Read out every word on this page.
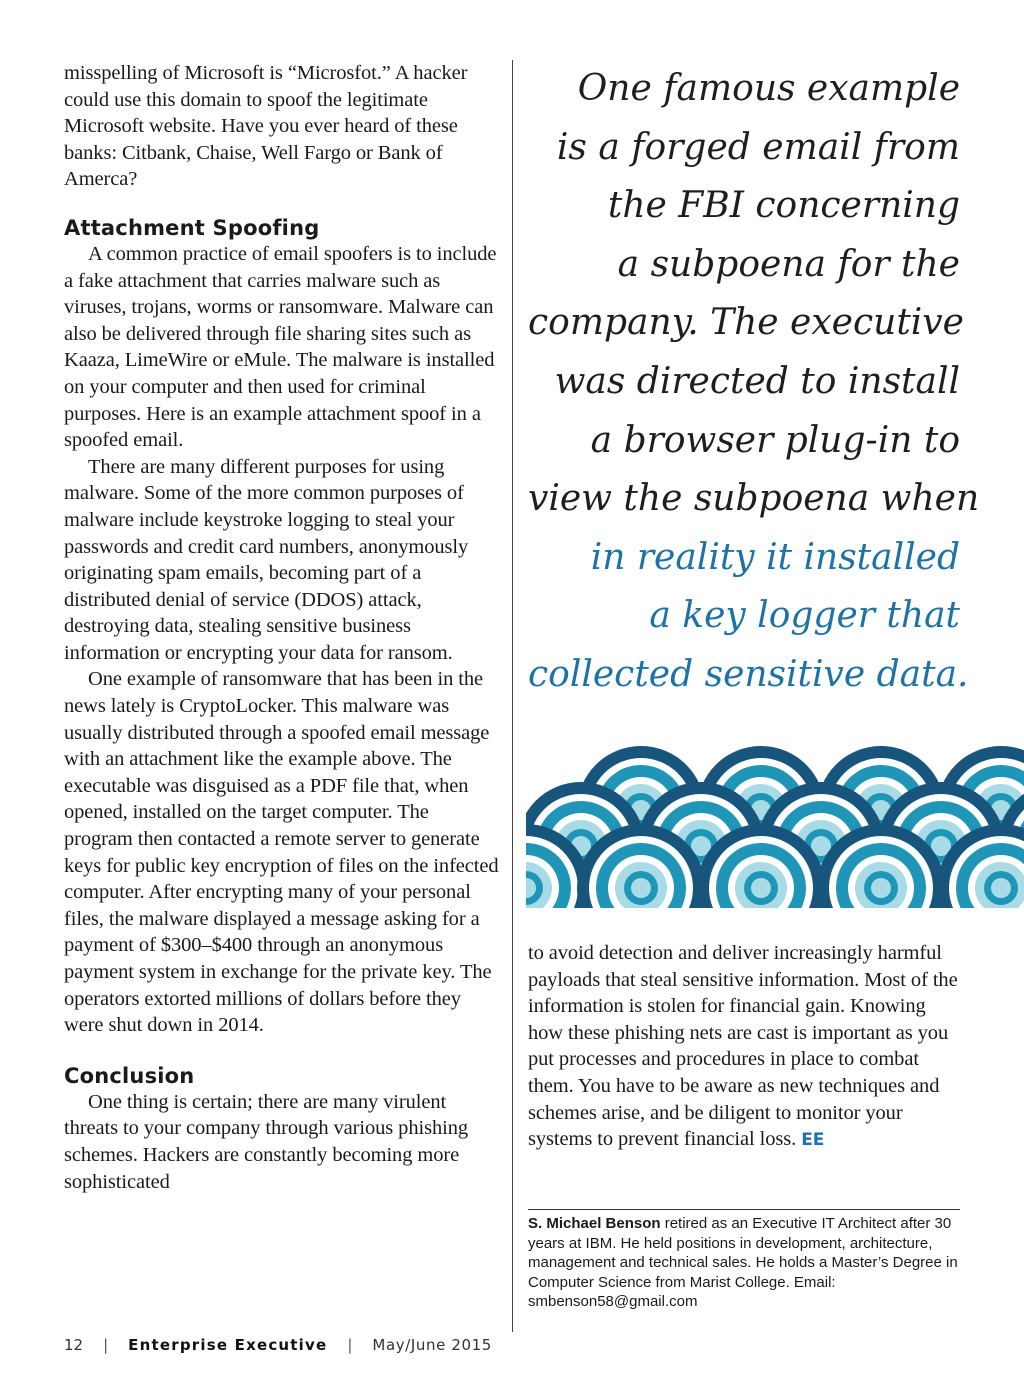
misspelling of Microsoft is “Microsfot.” A hacker could use this domain to spoof the legitimate Microsoft website. Have you ever heard of these banks: Citbank, Chaise, Well Fargo or Bank of Amerca?

Attachment Spoofing

A common practice of email spoofers is to include a fake attachment that carries malware such as viruses, trojans, worms or ransomware. Malware can also be delivered through file sharing sites such as Kaaza, LimeWire or eMule. The malware is installed on your computer and then used for criminal purposes. Here is an example attachment spoof in a spoofed email.

There are many different purposes for using malware. Some of the more common purposes of malware include keystroke logging to steal your passwords and credit card numbers, anonymously originating spam emails, becoming part of a distributed denial of service (DDOS) attack, destroying data, stealing sensitive business information or encrypting your data for ransom.

One example of ransomware that has been in the news lately is CryptoLocker. This malware was usually distributed through a spoofed email message with an attachment like the example above. The executable was disguised as a PDF file that, when opened, installed on the target computer. The program then contacted a remote server to generate keys for public key encryption of files on the infected computer. After encrypting many of your personal files, the malware displayed a message asking for a payment of $300–$400 through an anonymous payment system in exchange for the private key. The operators extorted millions of dollars before they were shut down in 2014.

Conclusion

One thing is certain; there are many virulent threats to your company through various phishing schemes. Hackers are constantly becoming more sophisticated

One famous example
is a forged email from
the FBI concerning
a subpoena for the
company. The executive
was directed to install
a browser plug-in to
view the subpoena when
in reality it installed
a key logger that
collected sensitive data.

to avoid detection and deliver increasingly harmful payloads that steal sensitive information. Most of the information is stolen for financial gain. Knowing how these phishing nets are cast is important as you put processes and procedures in place to combat them. You have to be aware as new techniques and schemes arise, and be diligent to monitor your systems to prevent financial loss. EE

S. Michael Benson retired as an Executive IT Architect after 30 years at IBM. He held positions in development, architecture, management and technical sales. He holds a Master’s Degree in Computer Science from Marist College. Email: smbenson58@gmail.com
12 | Enterprise Executive | May/June 2015
